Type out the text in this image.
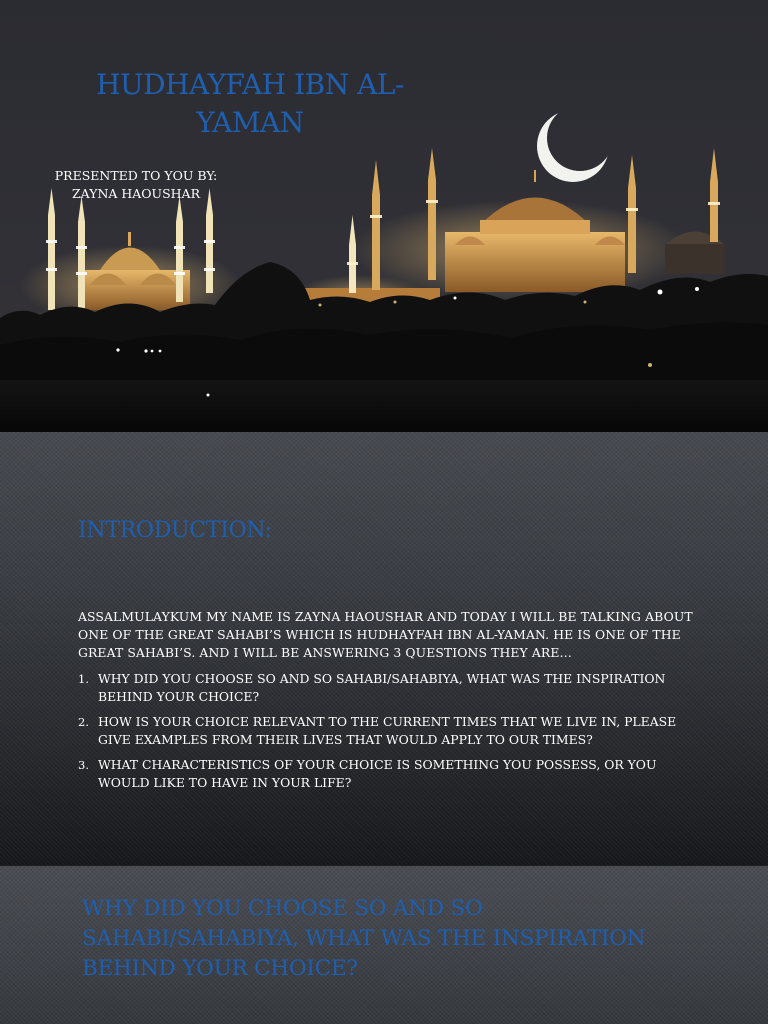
HUDHAYFAH IBN AL-YAMAN
PRESENTED TO YOU BY:
ZAYNA HAOUSHAR
INTRODUCTION:
ASSALMULAYKUM MY NAME IS ZAYNA HAOUSHAR AND TODAY I WILL BE TALKING ABOUT ONE OF THE GREAT SAHABI’S WHICH IS HUDHAYFAH IBN AL-YAMAN. HE IS ONE OF THE GREAT SAHABI’S. AND I WILL BE ANSWERING 3 QUESTIONS THEY ARE…
1. WHY DID YOU CHOOSE SO AND SO SAHABI/SAHABIYA, WHAT WAS THE INSPIRATION BEHIND YOUR CHOICE?
2. HOW IS YOUR CHOICE RELEVANT TO THE CURRENT TIMES THAT WE LIVE IN, PLEASE GIVE EXAMPLES FROM THEIR LIVES THAT WOULD APPLY TO OUR TIMES?
3. WHAT CHARACTERISTICS OF YOUR CHOICE IS SOMETHING YOU POSSESS, OR YOU WOULD LIKE TO HAVE IN YOUR LIFE?
WHY DID YOU CHOOSE SO AND SO SAHABI/SAHABIYA, WHAT WAS THE INSPIRATION BEHIND YOUR CHOICE?
